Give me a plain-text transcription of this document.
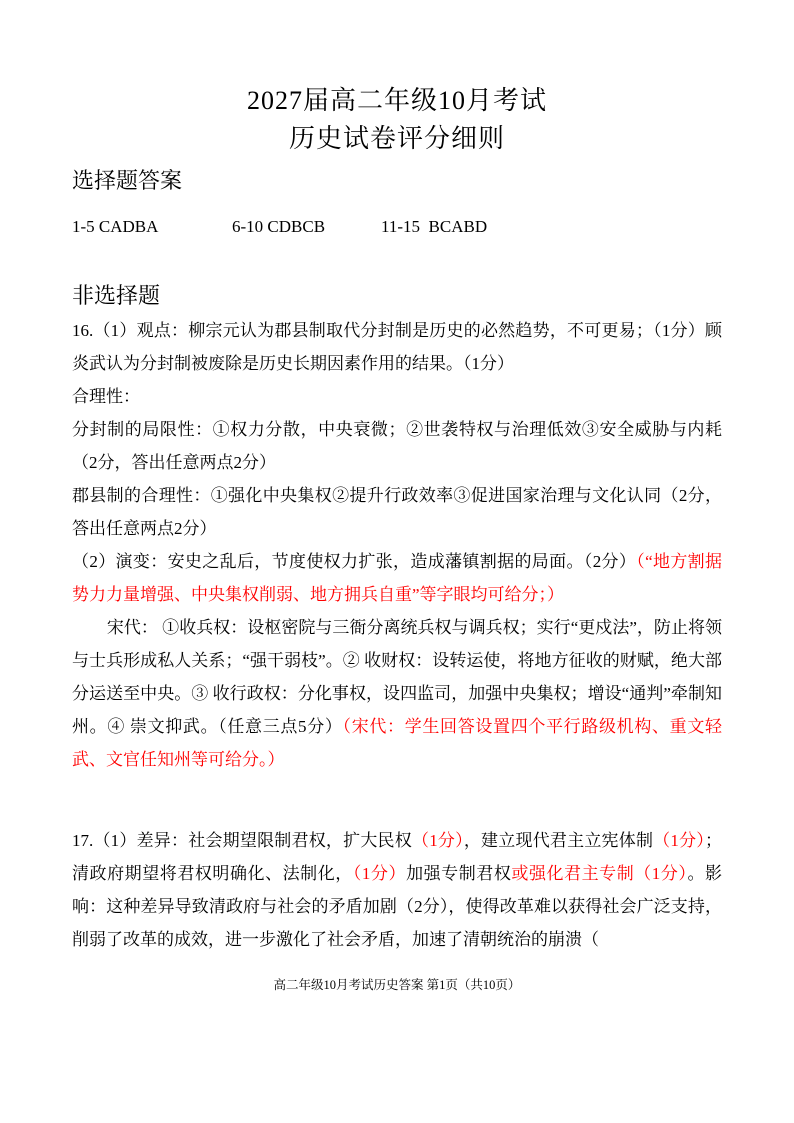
2027届高二年级10月考试
历史试卷评分细则
选择题答案
1-5 CADBA	6-10 CDBCB	11-15  BCABD
非选择题

16.（1）观点：柳宗元认为郡县制取代分封制是历史的必然趋势，不可更易；（1分）顾炎武认为分封制被废除是历史长期因素作用的结果。（1分）

合理性：

分封制的局限性：①权力分散，中央衰微；②世袭特权与治理低效③安全威胁与内耗（2分，答出任意两点2分）

郡县制的合理性：①强化中央集权②提升行政效率③促进国家治理与文化认同（2分，答出任意两点2分）

（2）演变：安史之乱后，节度使权力扩张，造成藩镇割据的局面。（2分）（“地方割据势力力量增强、中央集权削弱、地方拥兵自重”等字眼均可给分；）

宋代： ①收兵权：设枢密院与三衙分离统兵权与调兵权；实行“更戍法”，防止将领与士兵形成私人关系；“强干弱枝”。② 收财权：设转运使，将地方征收的财赋，绝大部分运送至中央。③ 收行政权：分化事权，设四监司，加强中央集权；增设“通判”牵制知州。④ 崇文抑武。（任意三点5分）（宋代：学生回答设置四个平行路级机构、重文轻武、文官任知州等可给分。）

17.（1）差异：社会期望限制君权，扩大民权（1分），建立现代君主立宪体制（1分）；清政府期望将君权明确化、法制化，（1分）加强专制君权或强化君主专制（1分）。影响：这种差异导致清政府与社会的矛盾加剧（2分），使得改革难以获得社会广泛支持，削弱了改革的成效，进一步激化了社会矛盾，加速了清朝统治的崩溃（

高二年级10月考试历史答案 第1页（共10页）
